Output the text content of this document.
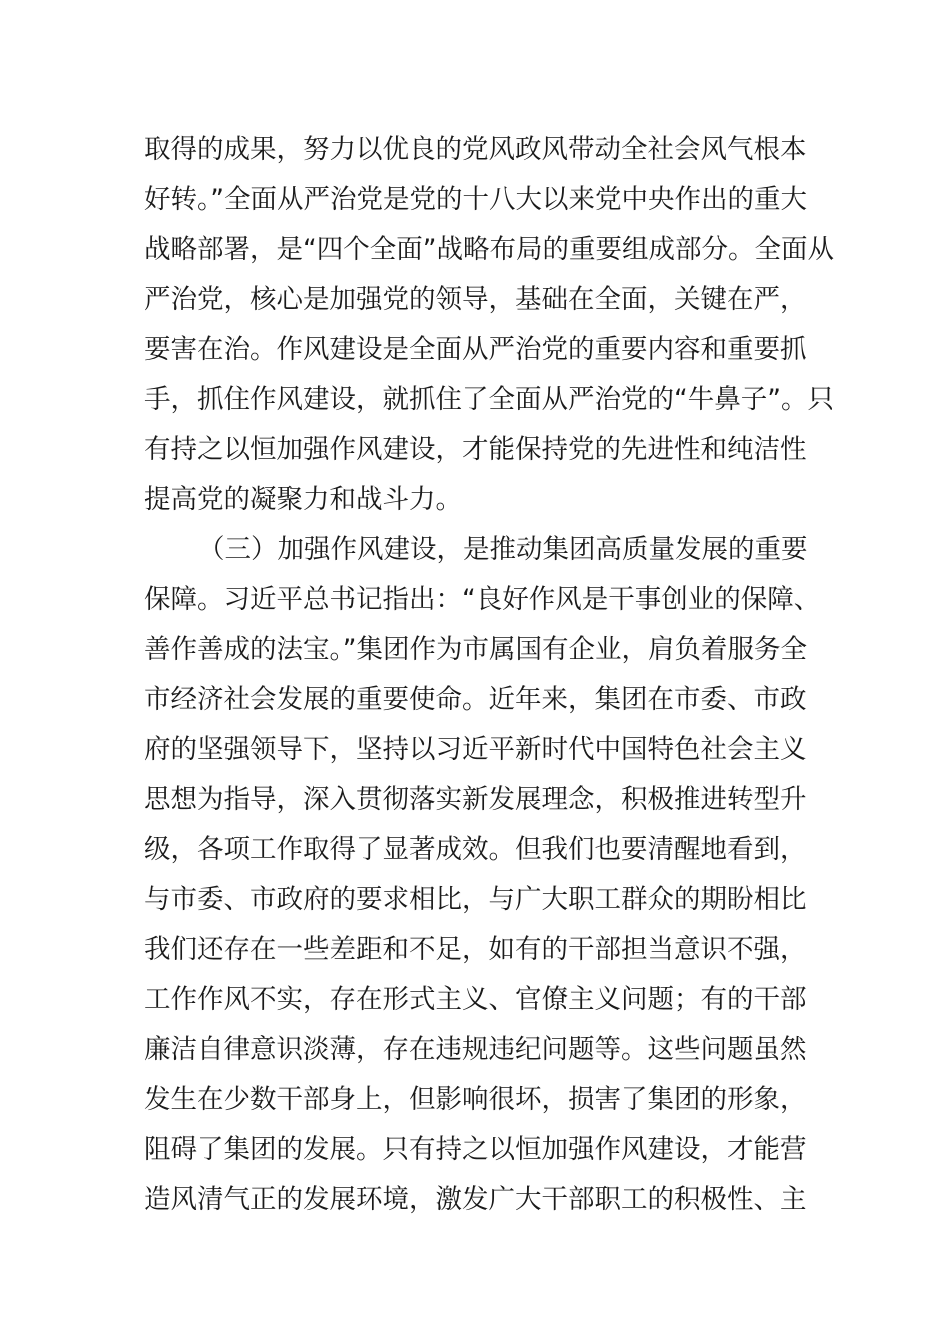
取得的成果，努力以优良的党风政风带动全社会风气根本
好转。”全面从严治党是党的十八大以来党中央作出的重大
战略部署，是“四个全面”战略布局的重要组成部分。全面从
严治党，核心是加强党的领导，基础在全面，关键在严，
要害在治。作风建设是全面从严治党的重要内容和重要抓
手，抓住作风建设，就抓住了全面从严治党的“牛鼻子”。只
有持之以恒加强作风建设，才能保持党的先进性和纯洁性
提高党的凝聚力和战斗力。
（三）加强作风建设，是推动集团高质量发展的重要
保障。习近平总书记指出：“良好作风是干事创业的保障、
善作善成的法宝。”集团作为市属国有企业，肩负着服务全
市经济社会发展的重要使命。近年来，集团在市委、市政
府的坚强领导下，坚持以习近平新时代中国特色社会主义
思想为指导，深入贯彻落实新发展理念，积极推进转型升
级，各项工作取得了显著成效。但我们也要清醒地看到，
与市委、市政府的要求相比，与广大职工群众的期盼相比
我们还存在一些差距和不足，如有的干部担当意识不强，
工作作风不实，存在形式主义、官僚主义问题；有的干部
廉洁自律意识淡薄，存在违规违纪问题等。这些问题虽然
发生在少数干部身上，但影响很坏，损害了集团的形象，
阻碍了集团的发展。只有持之以恒加强作风建设，才能营
造风清气正的发展环境，激发广大干部职工的积极性、主
